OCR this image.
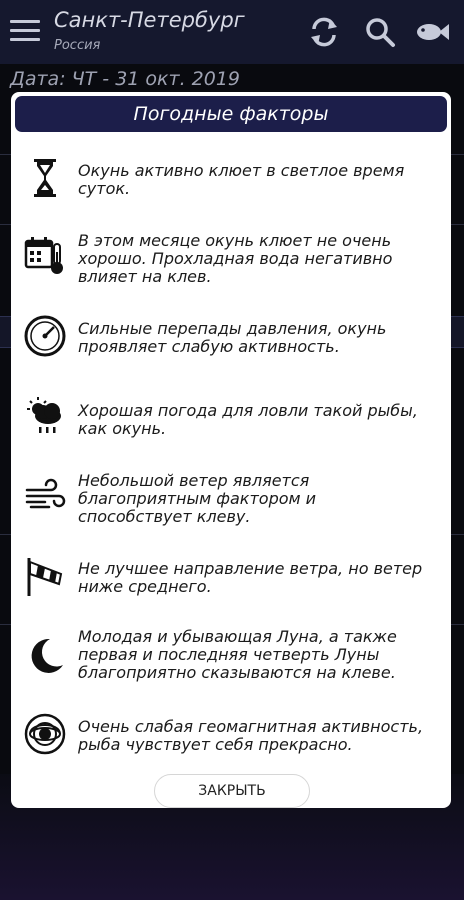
Санкт-Петербург
Россия
Дата: ЧТ - 31 окт. 2019
Погодные факторы
Окунь активно клюет в светлое время суток.
В этом месяце окунь клюет не очень хорошо. Прохладная вода негативно влияет на клев.
Сильные перепады давления, окунь проявляет слабую активность.
Хорошая погода для ловли такой рыбы, как окунь.
Небольшой ветер является благоприятным фактором и способствует клеву.
Не лучшее направление ветра, но ветер ниже среднего.
Молодая и убывающая Луна, а также первая и последняя четверть Луны благоприятно сказываются на клеве.
Очень слабая геомагнитная активность, рыба чувствует себя прекрасно.
ЗАКРЫТЬ
